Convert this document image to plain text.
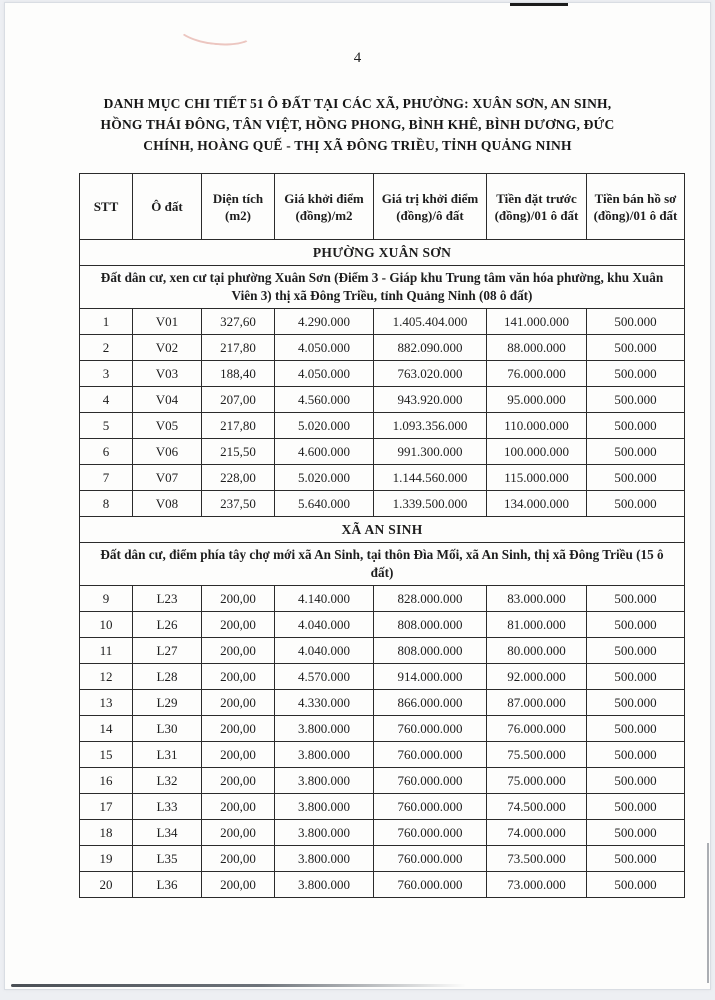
4
DANH MỤC CHI TIẾT 51 Ô ĐẤT TẠI CÁC XÃ, PHƯỜNG: XUÂN SƠN, AN SINH,
HỒNG THÁI ĐÔNG, TÂN VIỆT, HỒNG PHONG, BÌNH KHÊ, BÌNH DƯƠNG, ĐỨC
CHÍNH, HOÀNG QUẾ - THỊ XÃ ĐÔNG TRIỀU, TỈNH QUẢNG NINH
STT	Ô đất	Diện tích (m2)	Giá khởi điểm (đồng)/m2	Giá trị khởi điểm (đồng)/ô đất	Tiền đặt trước (đồng)/01 ô đất	Tiền bán hồ sơ (đồng)/01 ô đất
PHƯỜNG XUÂN SƠN						
Đất dân cư, xen cư tại phường Xuân Sơn (Điểm 3 - Giáp khu Trung tâm văn hóa phường, khu Xuân Viên 3) thị xã Đông Triều, tỉnh Quảng Ninh (08 ô đất)						
1	V01	327,60	4.290.000	1.405.404.000	141.000.000	500.000
2	V02	217,80	4.050.000	882.090.000	88.000.000	500.000
3	V03	188,40	4.050.000	763.020.000	76.000.000	500.000
4	V04	207,00	4.560.000	943.920.000	95.000.000	500.000
5	V05	217,80	5.020.000	1.093.356.000	110.000.000	500.000
6	V06	215,50	4.600.000	991.300.000	100.000.000	500.000
7	V07	228,00	5.020.000	1.144.560.000	115.000.000	500.000
8	V08	237,50	5.640.000	1.339.500.000	134.000.000	500.000
XÃ AN SINH						
Đất dân cư, điểm phía tây chợ mới xã An Sinh, tại thôn Đìa Mối, xã An Sinh, thị xã Đông Triều (15 ô đất)						
9	L23	200,00	4.140.000	828.000.000	83.000.000	500.000
10	L26	200,00	4.040.000	808.000.000	81.000.000	500.000
11	L27	200,00	4.040.000	808.000.000	80.000.000	500.000
12	L28	200,00	4.570.000	914.000.000	92.000.000	500.000
13	L29	200,00	4.330.000	866.000.000	87.000.000	500.000
14	L30	200,00	3.800.000	760.000.000	76.000.000	500.000
15	L31	200,00	3.800.000	760.000.000	75.500.000	500.000
16	L32	200,00	3.800.000	760.000.000	75.000.000	500.000
17	L33	200,00	3.800.000	760.000.000	74.500.000	500.000
18	L34	200,00	3.800.000	760.000.000	74.000.000	500.000
19	L35	200,00	3.800.000	760.000.000	73.500.000	500.000
20	L36	200,00	3.800.000	760.000.000	73.000.000	500.000
